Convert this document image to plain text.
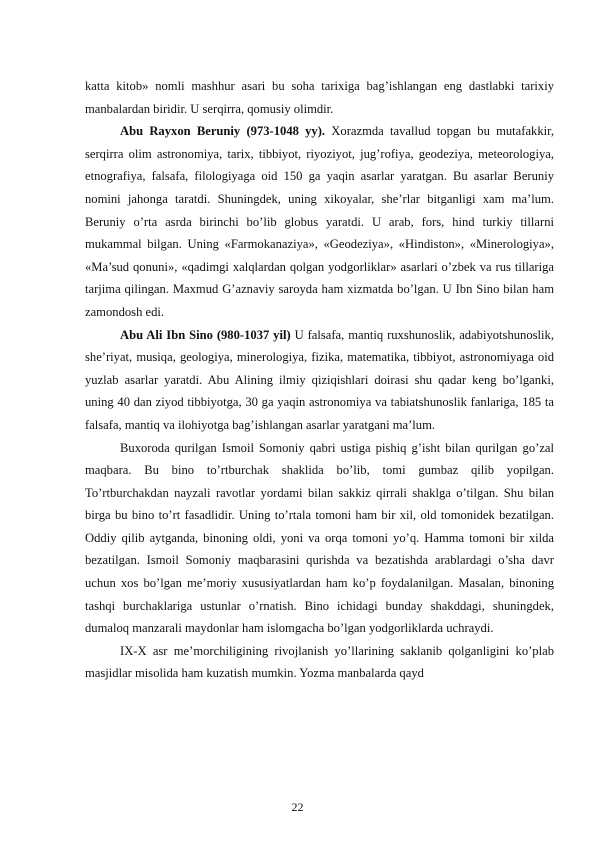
katta kitob» nomli mashhur asari bu soha tarixiga bag’ishlangan eng dastlabki tarixiy manbalardan biridir. U serqirra, qomusiy olimdir.

Abu Rayxon Beruniy (973-1048 yy). Xorazmda tavallud topgan bu mutafakkir, serqirra olim astronomiya, tarix, tibbiyot, riyoziyot, jug’rofiya, geodeziya, meteorologiya, etnografiya, falsafa, filologiyaga oid 150 ga yaqin asarlar yaratgan. Bu asarlar Beruniy nomini jahonga taratdi. Shuningdek, uning xikoyalar, she’rlar bitganligi xam ma’lum. Beruniy o’rta asrda birinchi bo’lib globus yaratdi. U arab, fors, hind turkiy tillarni mukammal bilgan. Uning «Farmokanaziya», «Geodeziya», «Hindiston», «Minerologiya», «Ma’sud qonuni», «qadimgi xalqlardan qolgan yodgorliklar» asarlari o’zbek va rus tillariga tarjima qilingan. Maxmud G’aznaviy saroyda ham xizmatda bo’lgan. U Ibn Sino bilan ham zamondosh edi.

Abu Ali Ibn Sino (980-1037 yil) U falsafa, mantiq ruxshunoslik, adabiyotshunoslik, she’riyat, musiqa, geologiya, minerologiya, fizika, matematika, tibbiyot, astronomiyaga oid yuzlab asarlar yaratdi. Abu Alining ilmiy qiziqishlari doirasi shu qadar keng bo’lganki, uning 40 dan ziyod tibbiyotga, 30 ga yaqin astronomiya va tabiatshunoslik fanlariga, 185 ta falsafa, mantiq va ilohiyotga bag’ishlangan asarlar yaratgani ma’lum.

Buxoroda qurilgan Ismoil Somoniy qabri ustiga pishiq g’isht bilan qurilgan go’zal maqbara. Bu bino to’rtburchak shaklida bo’lib, tomi gumbaz qilib yopilgan. To’rtburchakdan nayzali ravotlar yordami bilan sakkiz qirrali shaklga o’tilgan. Shu bilan birga bu bino to’rt fasadlidir. Uning to’rtala tomoni ham bir xil, old tomonidek bezatilgan. Oddiy qilib aytganda, binoning oldi, yoni va orqa tomoni yo’q. Hamma tomoni bir xilda bezatilgan. Ismoil Somoniy maqbarasini qurishda va bezatishda arablardagi o’sha davr uchun xos bo’lgan me’moriy xususiyatlardan ham ko’p foydalanilgan. Masalan, binoning tashqi burchaklariga ustunlar o’rnatish. Bino ichidagi bunday shakddagi, shuningdek, dumaloq manzarali maydonlar ham islomgacha bo’lgan yodgorliklarda uchraydi.

IX-X asr me’morchiligining rivojlanish yo’llarining saklanib qolganligini ko’plab masjidlar misolida ham kuzatish mumkin. Yozma manbalarda qayd

22
